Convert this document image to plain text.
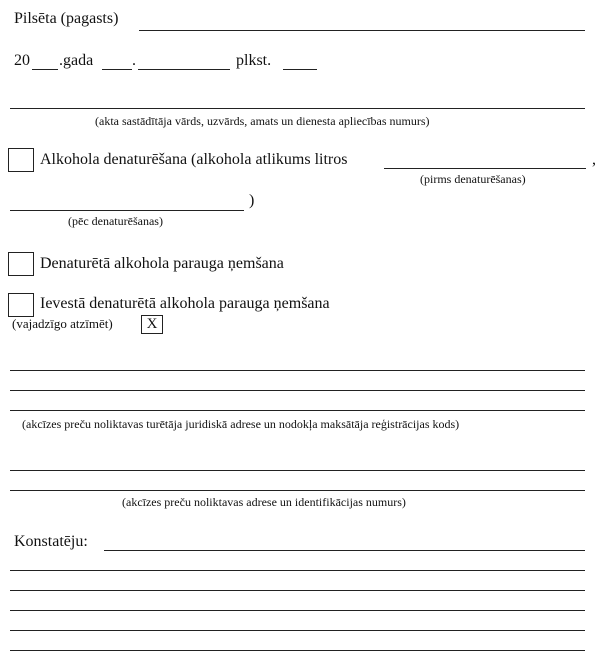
Pilsēta (pagasts)
20 .gada .	plkst.
(akta sastādītāja vārds, uzvārds, amats un dienesta apliecības numurs)
Alkohola denaturēšana (alkohola atlikums litros	,
(pirms denaturēšanas)
)
(pēc denaturēšanas)
Denaturētā alkohola parauga ņemšana
Ievestā denaturētā alkohola parauga ņemšana
(vajadzīgo atzīmēt)	X
(akcīzes preču noliktavas turētāja juridiskā adrese un nodokļa maksātāja reģistrācijas kods)
(akcīzes preču noliktavas adrese un identifikācijas numurs)
Konstatēju:
